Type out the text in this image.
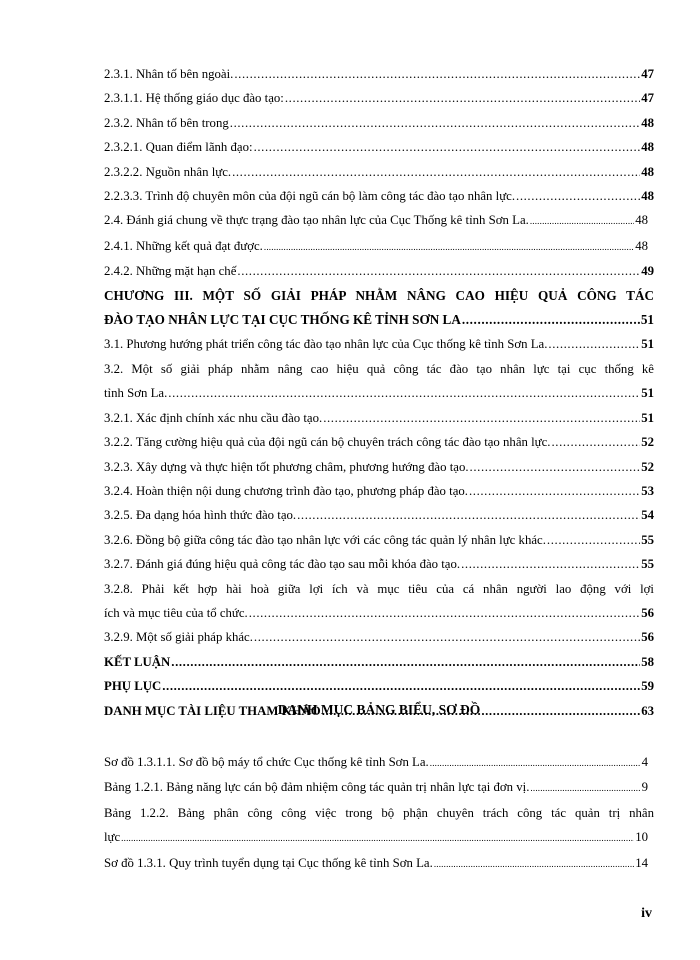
2.3.1. Nhân tố bên ngoài. .....	47
2.3.1.1. Hệ thống giáo dục đào tạo: .....	47
2.3.2. Nhân tố bên trong .....	48
2.3.2.1. Quan điểm lãnh đạo: .....	48
2.3.2.2. Nguồn nhân lực. .....	48
2.2.3.3. Trình độ chuyên môn của đội ngũ cán bộ làm công tác đào tạo nhân lực. .....	48
2.4. Đánh giá chung về thực trạng đào tạo nhân lực của Cục Thống kê tỉnh Sơn La. .....	48
2.4.1. Những kết quả đạt được. .....	48
2.4.2. Những mặt hạn chế .....	49
CHƯƠNG III. MỘT SỐ GIẢI PHÁP NHẰM NÂNG CAO HIỆU QUẢ CÔNG TÁC
ĐÀO TẠO NHÂN LỰC TẠI CỤC THỐNG KÊ TỈNH SƠN LA .....	51
3.1. Phương hướng phát triển công tác đào tạo nhân lực của Cục thống kê tỉnh Sơn La. .....	51
3.2. Một số giải pháp nhằm nâng cao hiệu quả công tác đào tạo nhân lực tại cục thống kê
tỉnh Sơn La. .....	51
3.2.1. Xác định chính xác nhu cầu đào tạo. .....	51
3.2.2. Tăng cường hiệu quả của đội ngũ cán bộ chuyên trách công tác đào tạo nhân lực. .....	52
3.2.3. Xây dựng và thực hiện tốt phương châm, phương hướng đào tạo. .....	52
3.2.4. Hoàn thiện nội dung chương trình đào tạo, phương pháp đào tạo. .....	53
3.2.5. Đa dạng hóa hình thức đào tạo. .....	54
3.2.6. Đồng bộ giữa công tác đào tạo nhân lực với các công tác quản lý nhân lực khác. .....	55
3.2.7. Đánh giá đúng hiệu quả công tác đào tạo sau mỗi khóa đào tạo. .....	55
3.2.8. Phải kết hợp hài hoà giữa lợi ích và mục tiêu của cá nhân người lao động với lợi
ích và mục tiêu của tổ chức. .....	56
3.2.9. Một số giải pháp khác. .....	56
KẾT LUẬN .....	58
PHỤ LỤC .....	59
DANH MỤC TÀI LIỆU THAM KHẢO .....	63
DANH MỤC BẢNG BIỂU, SƠ ĐỒ
Sơ đồ 1.3.1.1. Sơ đồ bộ máy tổ chức Cục thống kê tỉnh Sơn La. .....	4
Bảng 1.2.1. Bảng năng lực cán bộ đảm nhiệm công tác quản trị nhân lực tại đơn vị. .....	9
Bảng 1.2.2. Bảng phân công công việc trong bộ phận chuyên trách công tác quản trị nhân
lực .....	10
Sơ đồ 1.3.1. Quy trình tuyển dụng tại Cục thống kê tỉnh Sơn La. .....	14
iv
